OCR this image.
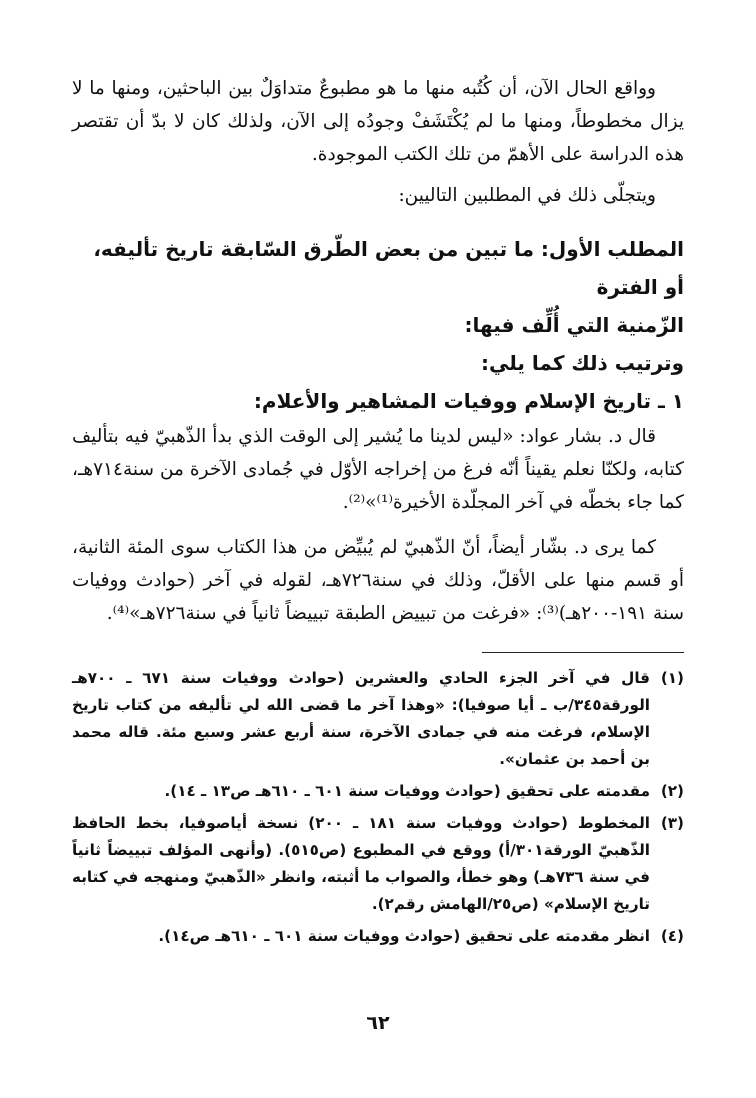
وواقع الحال الآن، أن كُتُبه منها ما هو مطبوعٌ متداوَلٌ بين الباحثين، ومنها ما لا يزال مخطوطاً، ومنها ما لم يُكْتَشَفْ وجودُه إلى الآن، ولذلك كان لا بدّ أن تقتصر هذه الدراسة على الأهمّ من تلك الكتب الموجودة.

ويتجلّى ذلك في المطلبين التاليين:

المطلب الأول: ما تبين من بعض الطّرق السّابقة تاريخ تأليفه، أو الفترة
الزّمنية التي أُلِّف فيها:
وترتيب ذلك كما يلي:
١ ـ تاريخ الإسلام ووفيات المشاهير والأعلام:

قال د. بشار عواد: «ليس لدينا ما يُشير إلى الوقت الذي بدأ الذّهبيّ فيه بتأليف كتابه، ولكنّا نعلم يقيناً أنّه فرغ من إخراجه الأوّل في جُمادى الآخرة من سنة٧١٤هـ، كما جاء بخطّه في آخر المجلّدة الأخيرة⁽¹⁾»⁽²⁾.

كما يرى د. بشّار أيضاً، أنّ الذّهبيّ لم يُبيِّض من هذا الكتاب سوى المئة الثانية، أو قسم منها على الأقلّ، وذلك في سنة٧٢٦هـ، لقوله في آخر (حوادث ووفيات سنة ١٩١-٢٠٠هـ)⁽³⁾: «فرغت من تبييض الطبقة تبييضاً ثانياً في سنة٧٢٦هـ»⁽⁴⁾.

(١)
قال في آخر الجزء الحادي والعشرين (حوادث ووفيات سنة ٦٧١ ـ ٧٠٠هـ الورقة٣٤٥/ب ـ أيا صوفيا): «وهذا آخر ما قضى الله لي تأليفه من كتاب تاريخ الإسلام، فرغت منه في جمادى الآخرة، سنة أربع عشر وسبع مئة. قاله محمد بن أحمد بن عثمان».
(٢)
مقدمته على تحقيق (حوادث ووفيات سنة ٦٠١ ـ ٦١٠هـ ص١٣ ـ ١٤).
(٣)
المخطوط (حوادث ووفيات سنة ١٨١ ـ ٢٠٠) نسخة أياصوفيا، بخط الحافظ الذّهبيّ الورقة٣٠١/أ) ووقع في المطبوع (ص٥١٥). (وأنهى المؤلف تبييضاً ثانياً في سنة ٧٣٦هـ) وهو خطأ، والصواب ما أثبته، وانظر «الذّهبيّ ومنهجه في كتابه تاريخ الإسلام» (ص٢٥/الهامش رقم٢).
(٤)
انظر مقدمته على تحقيق (حوادث ووفيات سنة ٦٠١ ـ ٦١٠هـ ص١٤).
٦٢
